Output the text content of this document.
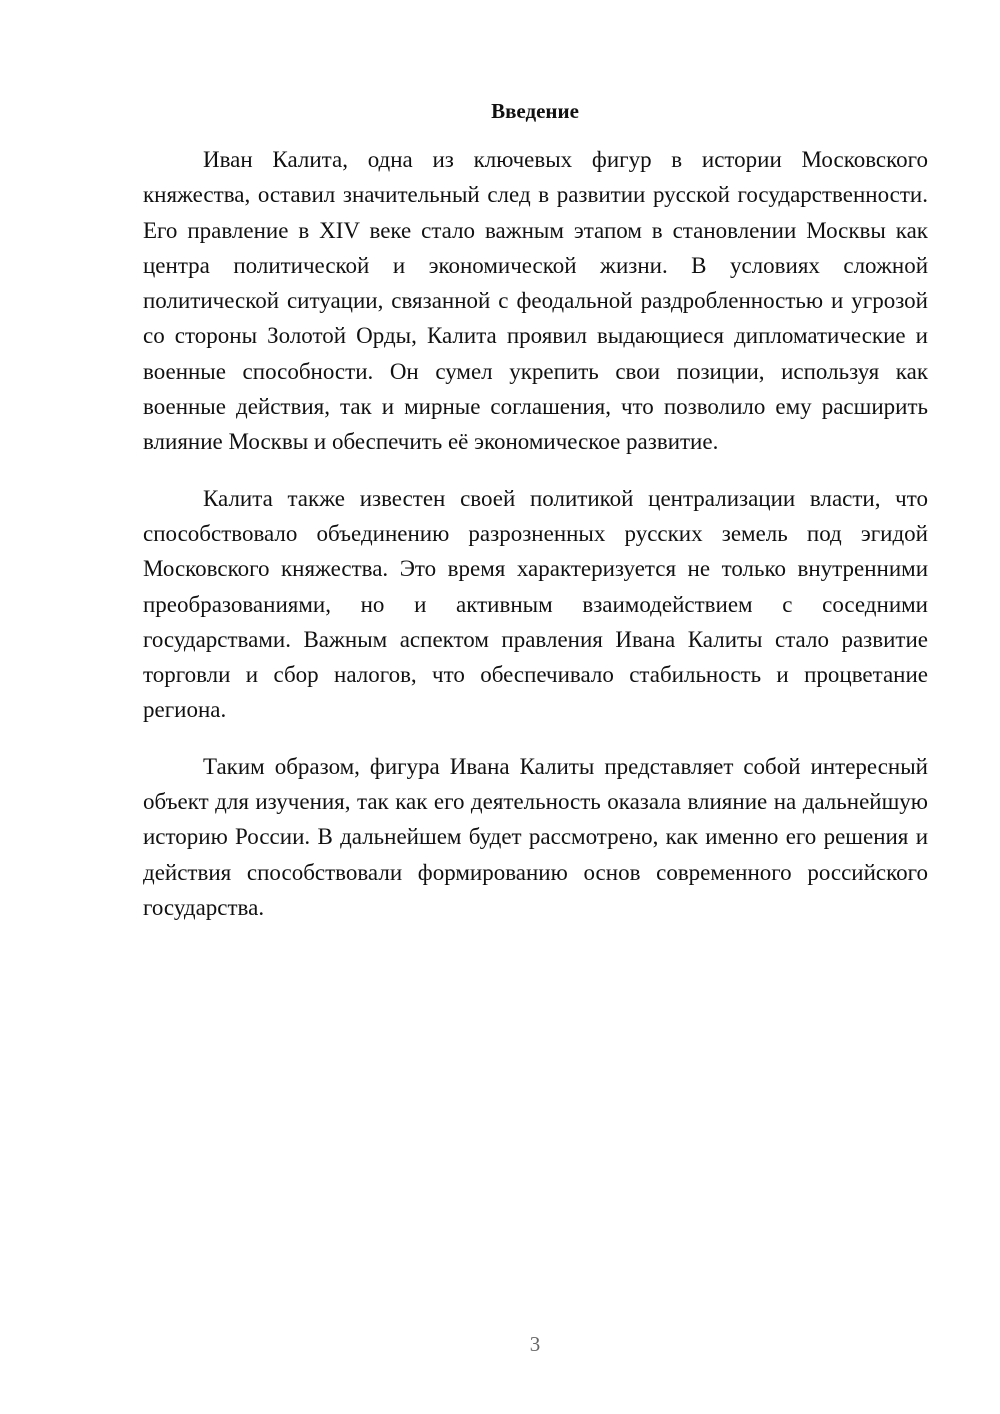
Введение

Иван Калита, одна из ключевых фигур в истории Московского княжества, оставил значительный след в развитии русской государственности. Его правление в XIV веке стало важным этапом в становлении Москвы как центра политической и экономической жизни. В условиях сложной политической ситуации, связанной с феодальной раздробленностью и угрозой со стороны Золотой Орды, Калита проявил выдающиеся дипломатические и военные способности. Он сумел укрепить свои позиции, используя как военные действия, так и мирные соглашения, что позволило ему расширить влияние Москвы и обеспечить её экономическое развитие.

Калита также известен своей политикой централизации власти, что способствовало объединению разрозненных русских земель под эгидой Московского княжества. Это время характеризуется не только внутренними преобразованиями, но и активным взаимодействием с соседними государствами. Важным аспектом правления Ивана Калиты стало развитие торговли и сбор налогов, что обеспечивало стабильность и процветание региона.

Таким образом, фигура Ивана Калиты представляет собой интересный объект для изучения, так как его деятельность оказала влияние на дальнейшую историю России. В дальнейшем будет рассмотрено, как именно его решения и действия способствовали формированию основ современного российского государства.

3
